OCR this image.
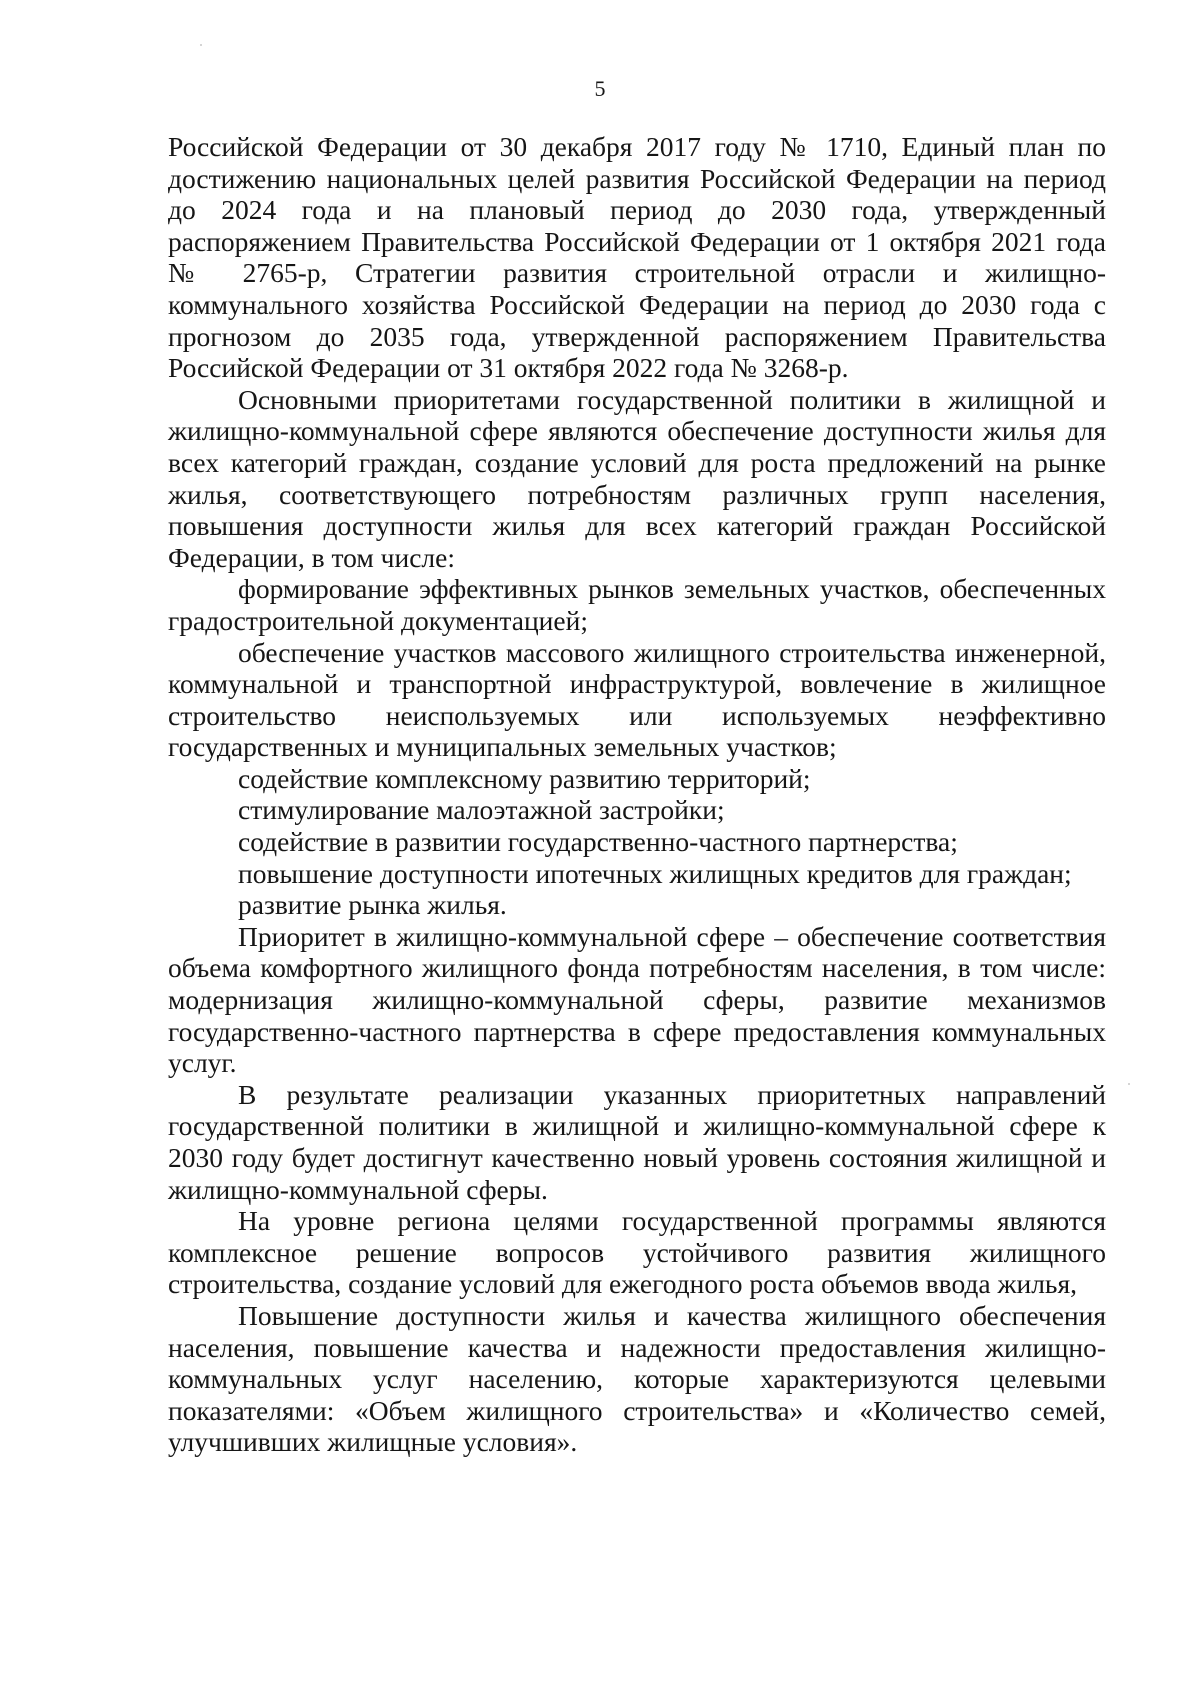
5

Российской Федерации от 30 декабря 2017 году № 1710, Единый план по достижению национальных целей развития Российской Федерации на период до 2024 года и на плановый период до 2030 года, утвержденный распоряжением Правительства Российской Федерации от 1 октября 2021 года № 2765-р, Стратегии развития строительной отрасли и жилищно-коммунального хозяйства Российской Федерации на период до 2030 года с прогнозом до 2035 года, утвержденной распоряжением Правительства Российской Федерации от 31 октября 2022 года № 3268-р.

Основными приоритетами государственной политики в жилищной и жилищно-коммунальной сфере являются обеспечение доступности жилья для всех категорий граждан, создание условий для роста предложений на рынке жилья, соответствующего потребностям различных групп населения, повышения доступности жилья для всех категорий граждан Российской Федерации, в том числе:

формирование эффективных рынков земельных участков, обеспеченных градостроительной документацией;

обеспечение участков массового жилищного строительства инженерной, коммунальной и транспортной инфраструктурой, вовлечение в жилищное строительство неиспользуемых или используемых неэффективно государственных и муниципальных земельных участков;

содействие комплексному развитию территорий;

стимулирование малоэтажной застройки;

содействие в развитии государственно-частного партнерства;

повышение доступности ипотечных жилищных кредитов для граждан;

развитие рынка жилья.

Приоритет в жилищно-коммунальной сфере – обеспечение соответствия объема комфортного жилищного фонда потребностям населения, в том числе: модернизация жилищно-коммунальной сферы, развитие механизмов государственно-частного партнерства в сфере предоставления коммунальных услуг.

В результате реализации указанных приоритетных направлений государственной политики в жилищной и жилищно-коммунальной сфере к 2030 году будет достигнут качественно новый уровень состояния жилищной и жилищно-коммунальной сферы.

На уровне региона целями государственной программы являются комплексное решение вопросов устойчивого развития жилищного строительства, создание условий для ежегодного роста объемов ввода жилья,

Повышение доступности жилья и качества жилищного обеспечения населения, повышение качества и надежности предоставления жилищно-коммунальных услуг населению, которые характеризуются целевыми показателями: «Объем жилищного строительства» и «Количество семей, улучшивших жилищные условия».
